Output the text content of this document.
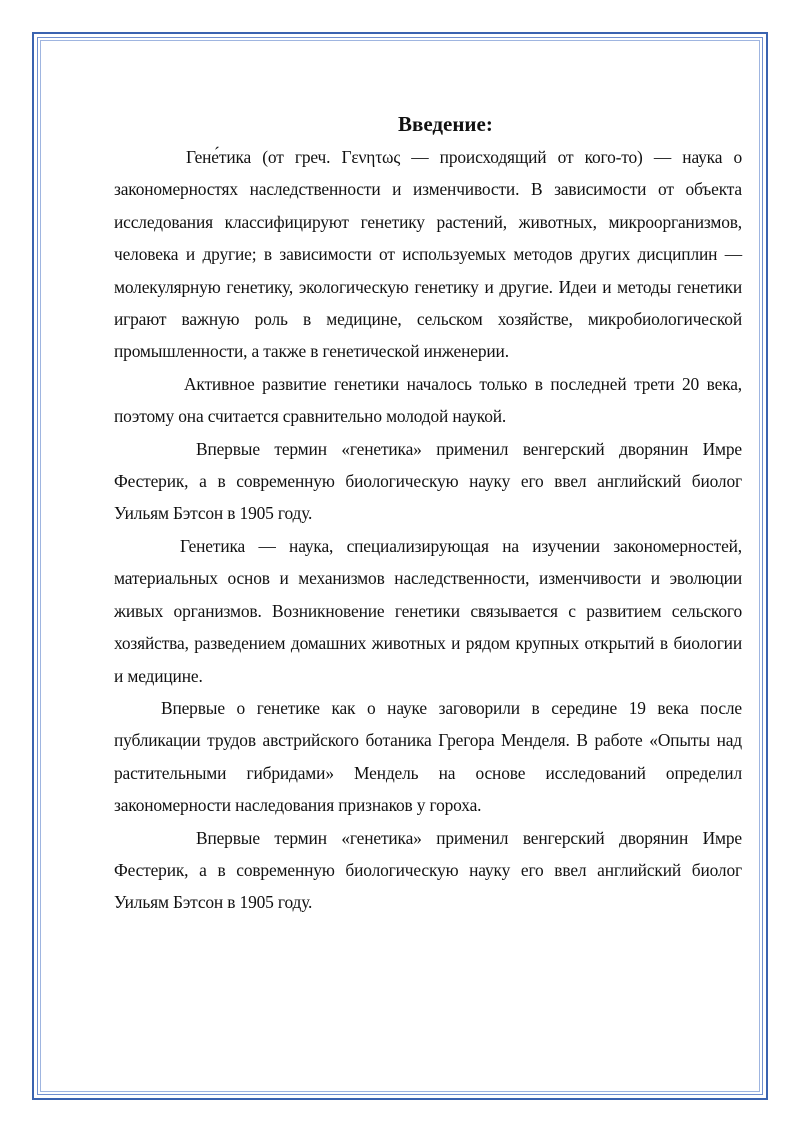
Введение:

Гене́тика (от греч. Γενητως — происходящий от кого-то) — наука о закономерностях наследственности и изменчивости. В зависимости от объекта исследования классифицируют генетику растений, животных, микроорганизмов, человека и другие; в зависимости от используемых методов других дисциплин — молекулярную генетику, экологическую генетику и другие. Идеи и методы генетики играют важную роль в медицине, сельском хозяйстве, микробиологической промышленности, а также в генетической инженерии.

Активное развитие генетики началось только в последней трети 20 века, поэтому она считается сравнительно молодой наукой.

Впервые термин «генетика» применил венгерский дворянин Имре Фестерик, а в современную биологическую науку его ввел английский биолог Уильям Бэтсон в 1905 году.

Генетика — наука, специализирующая на изучении закономерностей, материальных основ и механизмов наследственности, изменчивости и эволюции живых организмов. Возникновение генетики связывается с развитием сельского хозяйства, разведением домашних животных и рядом крупных открытий в биологии и медицине.

Впервые о генетике как о науке заговорили в середине 19 века после публикации трудов австрийского ботаника Грегора Менделя. В работе «Опыты над растительными гибридами» Мендель на основе исследований определил закономерности наследования признаков у гороха.

Впервые термин «генетика» применил венгерский дворянин Имре Фестерик, а в современную биологическую науку его ввел английский биолог Уильям Бэтсон в 1905 году.
